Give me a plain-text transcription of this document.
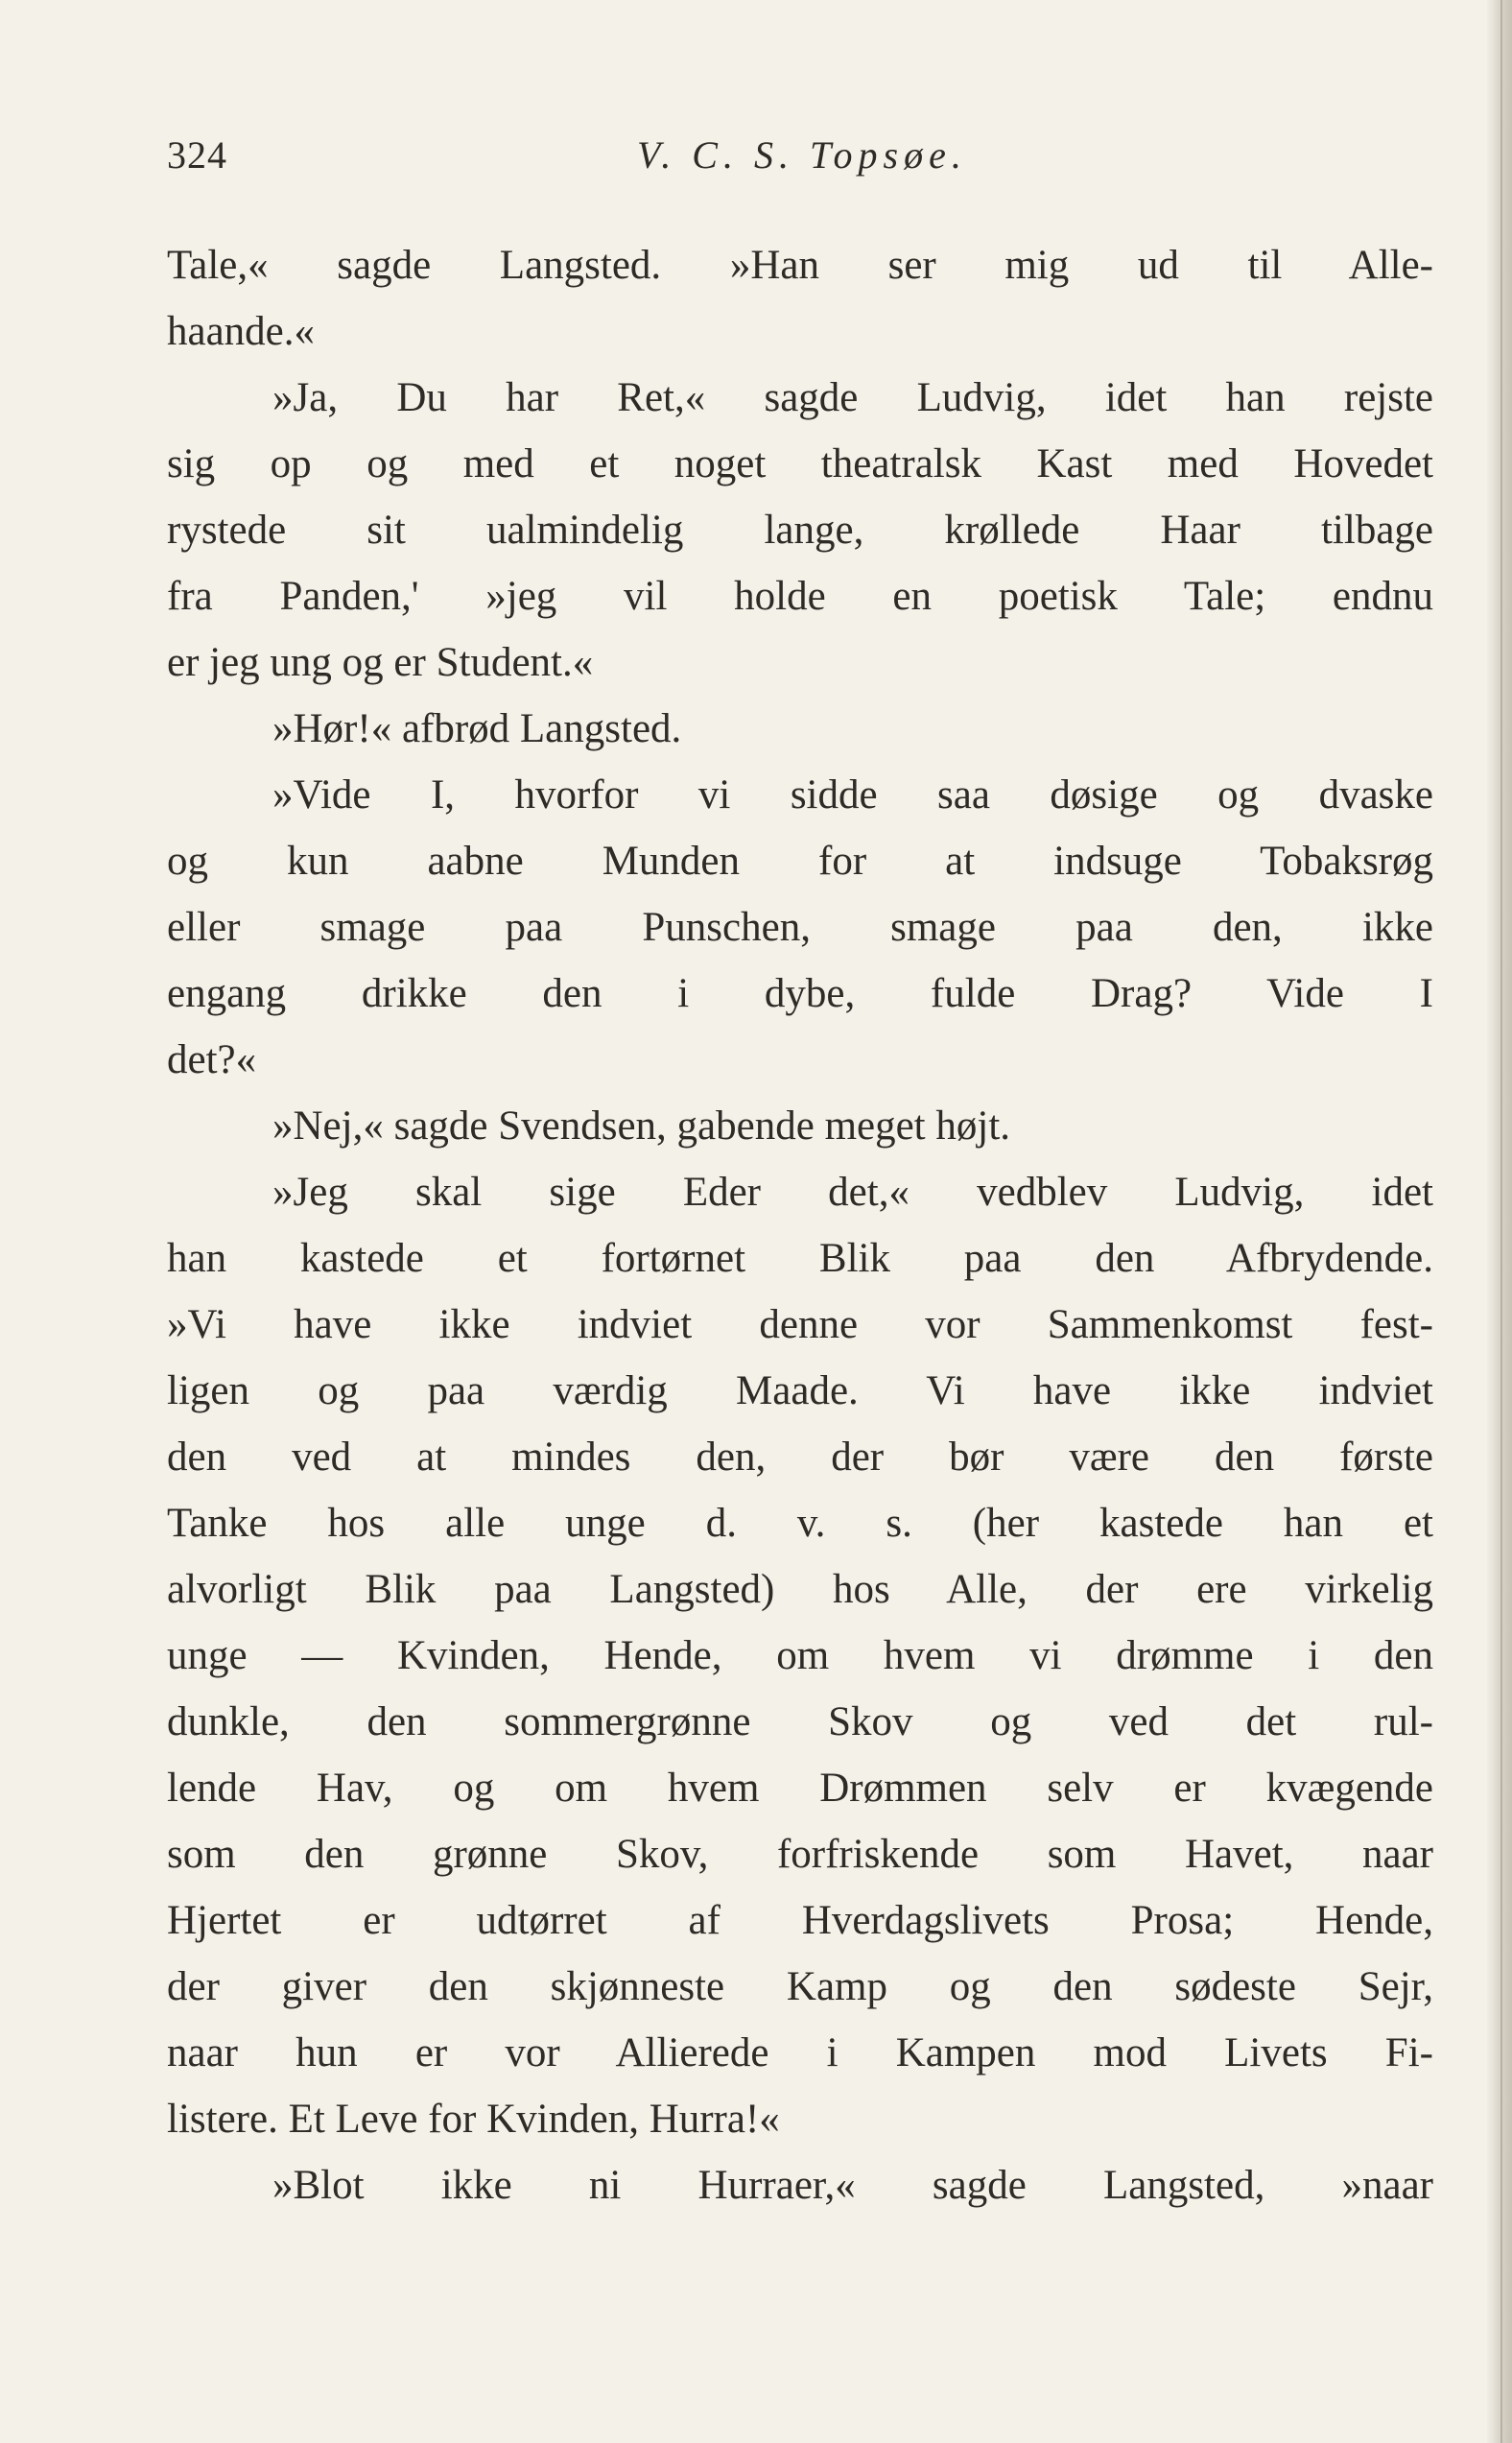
324	V. C. S. Topsøe.
Tale,« sagde Langsted. »Han ser mig ud til Alle-
haande.«
»Ja, Du har Ret,« sagde Ludvig, idet han rejste
sig op og med et noget theatralsk Kast med Hovedet
rystede sit ualmindelig lange, krøllede Haar tilbage
fra Panden,' »jeg vil holde en poetisk Tale; endnu
er jeg ung og er Student.«
»Hør!« afbrød Langsted.
»Vide I, hvorfor vi sidde saa døsige og dvaske
og kun aabne Munden for at indsuge Tobaksrøg
eller smage paa Punschen, smage paa den, ikke
engang drikke den i dybe, fulde Drag? Vide I
det?«
»Nej,« sagde Svendsen, gabende meget højt.
»Jeg skal sige Eder det,« vedblev Ludvig, idet
han kastede et fortørnet Blik paa den Afbrydende.
»Vi have ikke indviet denne vor Sammenkomst fest-
ligen og paa værdig Maade. Vi have ikke indviet
den ved at mindes den, der bør være den første
Tanke hos alle unge d. v. s. (her kastede han et
alvorligt Blik paa Langsted) hos Alle, der ere virkelig
unge — Kvinden, Hende, om hvem vi drømme i den
dunkle, den sommergrønne Skov og ved det rul-
lende Hav, og om hvem Drømmen selv er kvægende
som den grønne Skov, forfriskende som Havet, naar
Hjertet er udtørret af Hverdagslivets Prosa; Hende,
der giver den skjønneste Kamp og den sødeste Sejr,
naar hun er vor Allierede i Kampen mod Livets Fi-
listere. Et Leve for Kvinden, Hurra!«
»Blot ikke ni Hurraer,« sagde Langsted, »naar
